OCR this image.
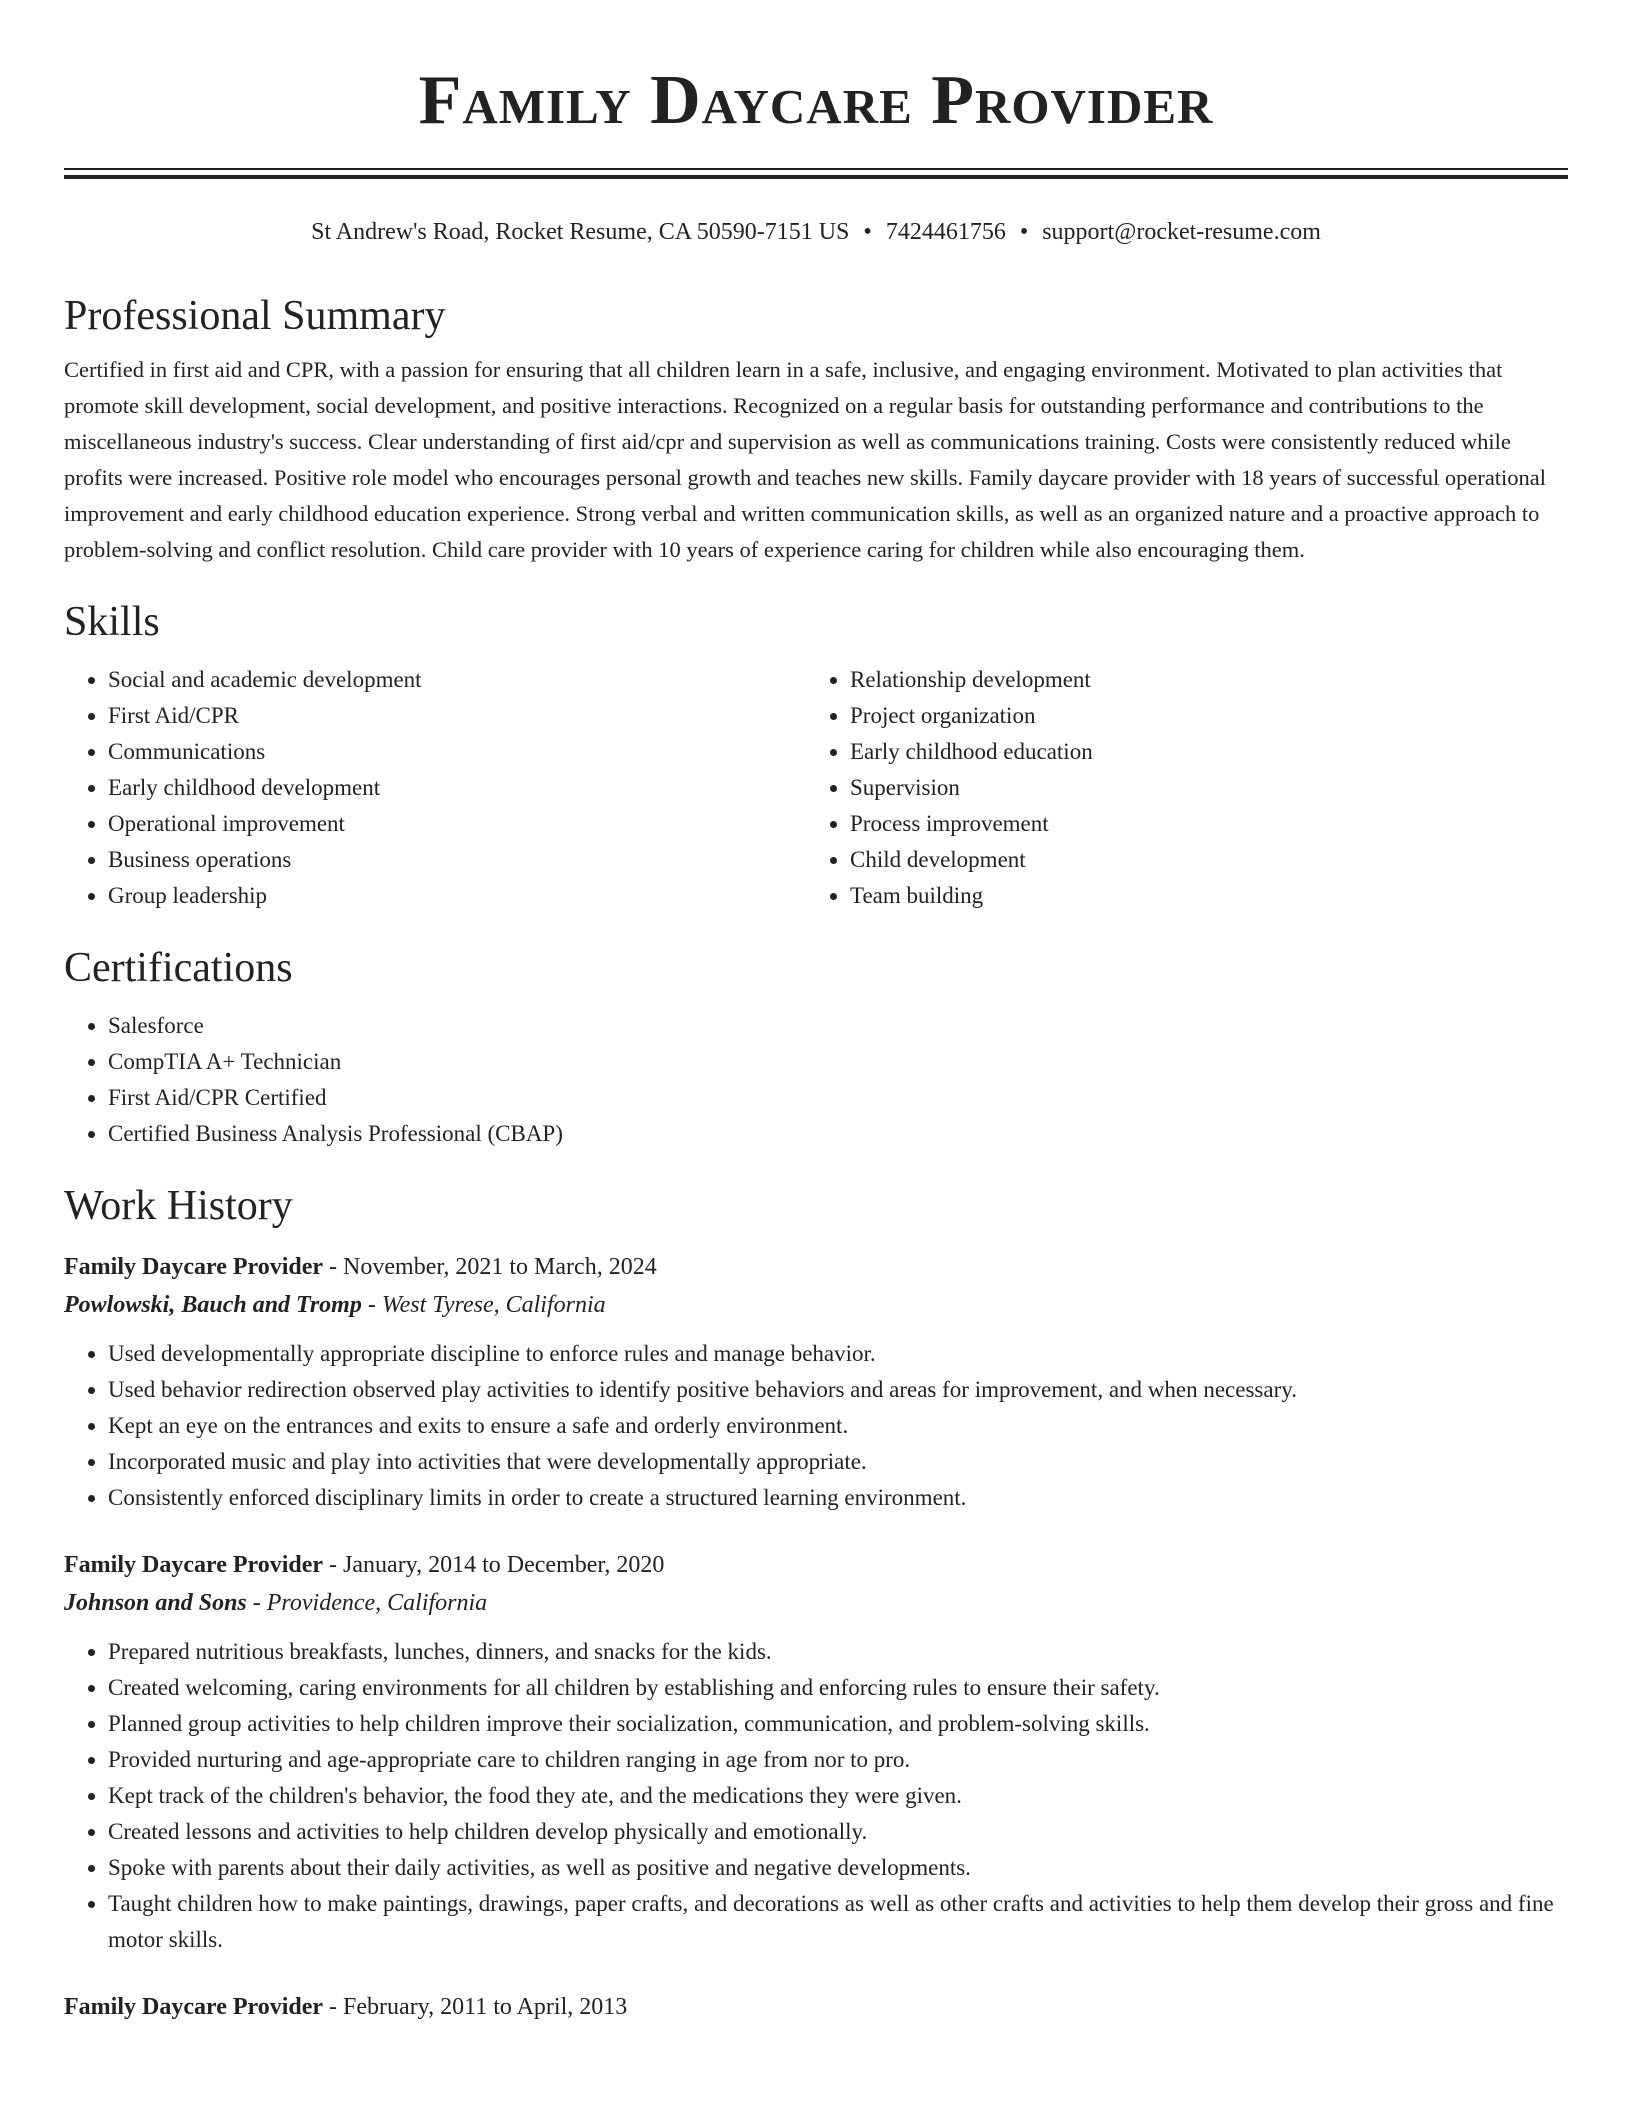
Family Daycare Provider
St Andrew's Road, Rocket Resume, CA 50590-7151 US • 7424461756 • support@rocket-resume.com
Professional Summary

Certified in first aid and CPR, with a passion for ensuring that all children learn in a safe, inclusive, and engaging environment. Motivated to plan activities that promote skill development, social development, and positive interactions. Recognized on a regular basis for outstanding performance and contributions to the miscellaneous industry's success. Clear understanding of first aid/cpr and supervision as well as communications training. Costs were consistently reduced while profits were increased. Positive role model who encourages personal growth and teaches new skills. Family daycare provider with 18 years of successful operational improvement and early childhood education experience. Strong verbal and written communication skills, as well as an organized nature and a proactive approach to problem-solving and conflict resolution. Child care provider with 10 years of experience caring for children while also encouraging them.

Skills
• Social and academic development
• First Aid/CPR
• Communications
• Early childhood development
• Operational improvement
• Business operations
• Group leadership
• Relationship development
• Project organization
• Early childhood education
• Supervision
• Process improvement
• Child development
• Team building
Certifications
• Salesforce
• CompTIA A+ Technician
• First Aid/CPR Certified
• Certified Business Analysis Professional (CBAP)
Work History
Family Daycare Provider - November, 2021 to March, 2024
Powlowski, Bauch and Tromp - West Tyrese, California
• Used developmentally appropriate discipline to enforce rules and manage behavior.
• Used behavior redirection observed play activities to identify positive behaviors and areas for improvement, and when necessary.
• Kept an eye on the entrances and exits to ensure a safe and orderly environment.
• Incorporated music and play into activities that were developmentally appropriate.
• Consistently enforced disciplinary limits in order to create a structured learning environment.
Family Daycare Provider - January, 2014 to December, 2020
Johnson and Sons - Providence, California
• Prepared nutritious breakfasts, lunches, dinners, and snacks for the kids.
• Created welcoming, caring environments for all children by establishing and enforcing rules to ensure their safety.
• Planned group activities to help children improve their socialization, communication, and problem-solving skills.
• Provided nurturing and age-appropriate care to children ranging in age from nor to pro.
• Kept track of the children's behavior, the food they ate, and the medications they were given.
• Created lessons and activities to help children develop physically and emotionally.
• Spoke with parents about their daily activities, as well as positive and negative developments.
• Taught children how to make paintings, drawings, paper crafts, and decorations as well as other crafts and activities to help them develop their gross and fine motor skills.
Family Daycare Provider - February, 2011 to April, 2013
